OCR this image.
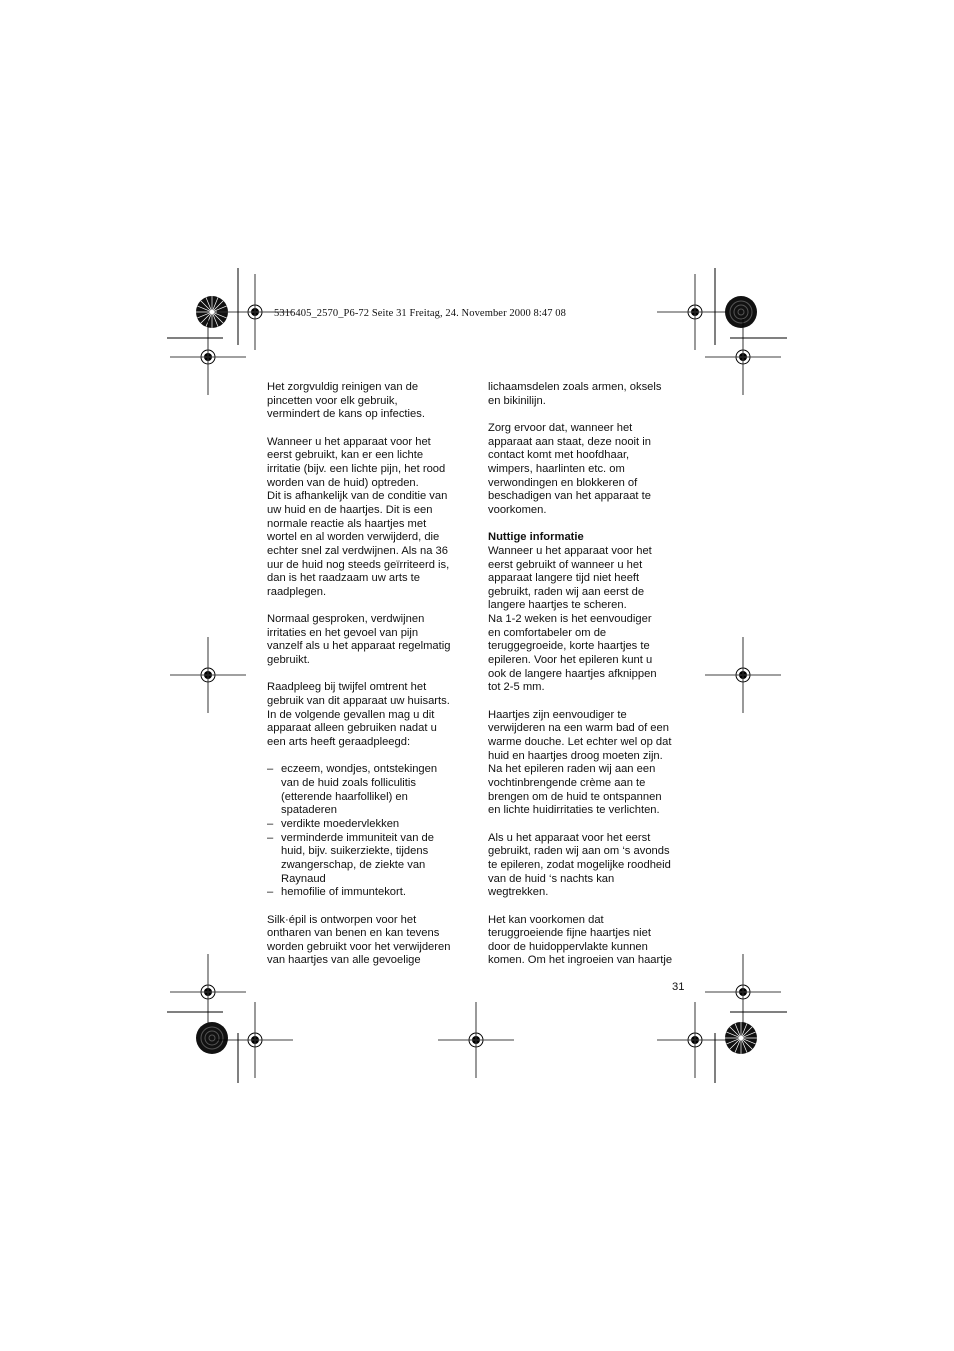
5316405_2570_P6-72 Seite 31 Freitag, 24. November 2000 8:47 08

Het zorgvuldig reinigen van de
pincetten voor elk gebruik,
vermindert de kans op infecties.

Wanneer u het apparaat voor het
eerst gebruikt, kan er een lichte
irritatie (bijv. een lichte pijn, het rood
worden van de huid) optreden.
Dit is afhankelijk van de conditie van
uw huid en de haartjes. Dit is een
normale reactie als haartjes met
wortel en al worden verwijderd, die
echter snel zal verdwijnen. Als na 36
uur de huid nog steeds geïrriteerd is,
dan is het raadzaam uw arts te
raadplegen.

Normaal gesproken, verdwijnen
irritaties en het gevoel van pijn
vanzelf als u het apparaat regelmatig
gebruikt.

Raadpleeg bij twijfel omtrent het
gebruik van dit apparaat uw huisarts.
In de volgende gevallen mag u dit
apparaat alleen gebruiken nadat u
een arts heeft geraadpleegd:

– eczeem, wondjes, ontstekingen
van de huid zoals folliculitis
(etterende haarfollikel) en
spataderen
– verdikte moedervlekken
– verminderde immuniteit van de
huid, bijv. suikerziekte, tijdens
zwangerschap, de ziekte van
Raynaud
– hemofilie of immuntekort.

Silk·épil is ontworpen voor het
ontharen van benen en kan tevens
worden gebruikt voor het verwijderen
van haartjes van alle gevoelige

lichaamsdelen zoals armen, oksels
en bikinilijn.

Zorg ervoor dat, wanneer het
apparaat aan staat, deze nooit in
contact komt met hoofdhaar,
wimpers, haarlinten etc. om
verwondingen en blokkeren of
beschadigen van het apparaat te
voorkomen.

Nuttige informatie

Wanneer u het apparaat voor het
eerst gebruikt of wanneer u het
apparaat langere tijd niet heeft
gebruikt, raden wij aan eerst de
langere haartjes te scheren.
Na 1-2 weken is het eenvoudiger
en comfortabeler om de
teruggegroeide, korte haartjes te
epileren. Voor het epileren kunt u
ook de langere haartjes afknippen
tot 2-5 mm.

Haartjes zijn eenvoudiger te
verwijderen na een warm bad of een
warme douche. Let echter wel op dat
huid en haartjes droog moeten zijn.
Na het epileren raden wij aan een
vochtinbrengende crème aan te
brengen om de huid te ontspannen
en lichte huidirritaties te verlichten.

Als u het apparaat voor het eerst
gebruikt, raden wij aan om ‘s avonds
te epileren, zodat mogelijke roodheid
van de huid ‘s nachts kan
wegtrekken.

Het kan voorkomen dat
teruggroeiende fijne haartjes niet
door de huidoppervlakte kunnen
komen. Om het ingroeien van haartje

31
